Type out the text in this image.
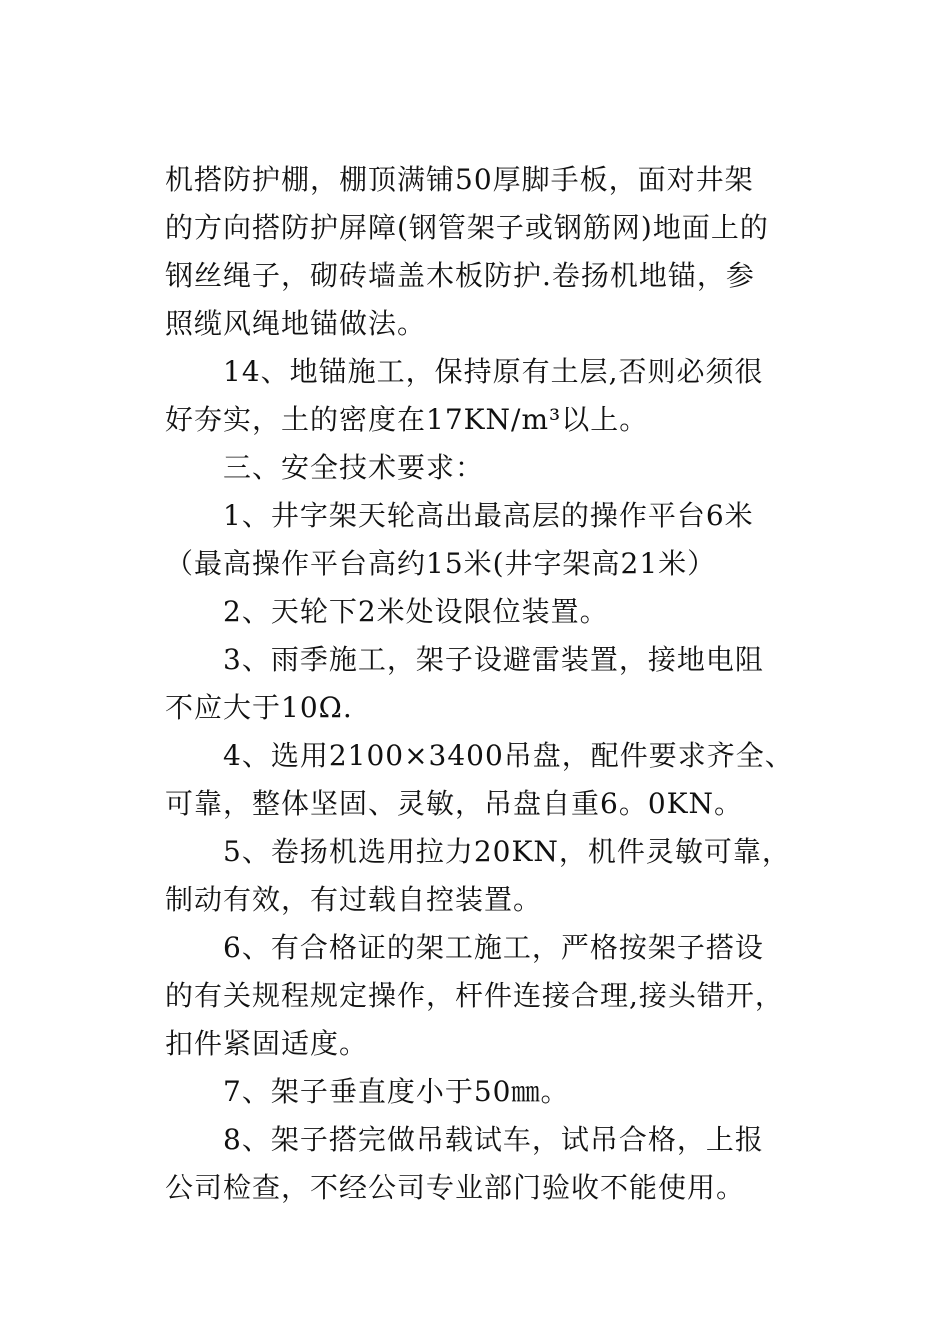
机搭防护棚，棚顶满铺50厚脚手板，面对井架
的方向搭防护屏障(钢管架子或钢筋网)地面上的
钢丝绳子，砌砖墙盖木板防护.卷扬机地锚，参
照缆风绳地锚做法。
14、地锚施工，保持原有土层,否则必须很
好夯实，土的密度在17KN/m³以上。
三、安全技术要求：
1、井字架天轮高出最高层的操作平台6米
（最高操作平台高约15米(井字架高21米）
2、天轮下2米处设限位装置。
3、雨季施工，架子设避雷装置，接地电阻
不应大于10Ω.
4、选用2100×3400吊盘，配件要求齐全、
可靠，整体坚固、灵敏，吊盘自重6。0KN。
5、卷扬机选用拉力20KN，机件灵敏可靠，
制动有效，有过载自控装置。
6、有合格证的架工施工，严格按架子搭设
的有关规程规定操作，杆件连接合理,接头错开，
扣件紧固适度。
7、架子垂直度小于50㎜。
8、架子搭完做吊载试车，试吊合格，上报
公司检查，不经公司专业部门验收不能使用。
